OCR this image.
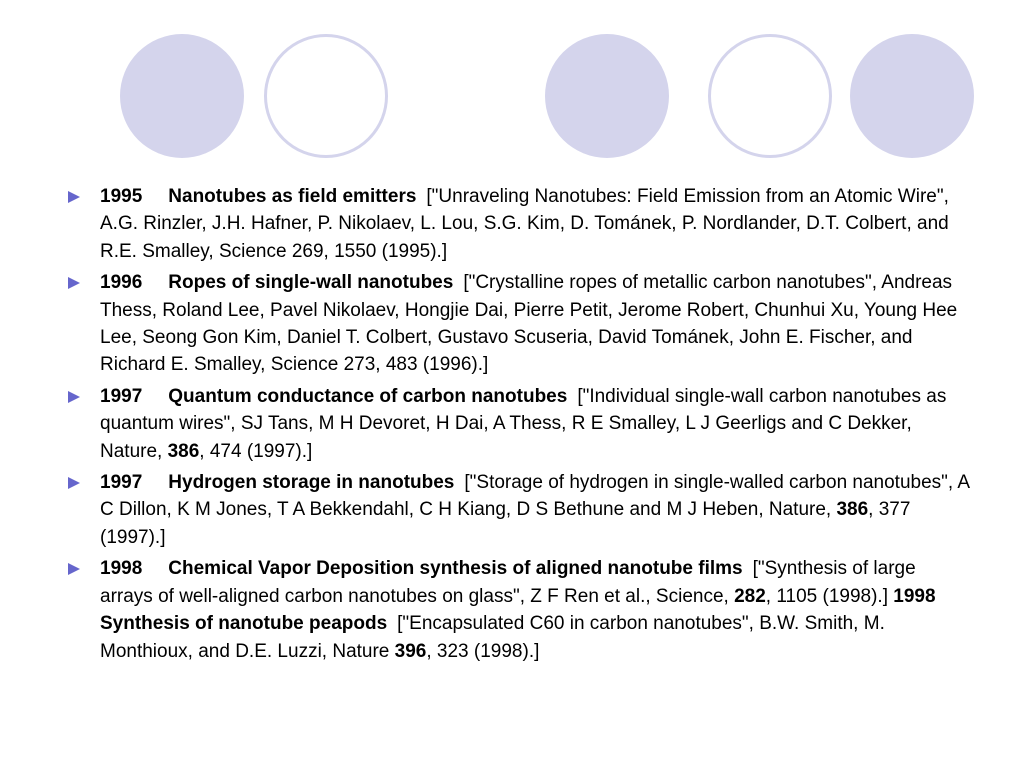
1995 Nanotubes as field emitters ["Unraveling Nanotubes: Field Emission from an Atomic Wire", A.G. Rinzler, J.H. Hafner, P. Nikolaev, L. Lou, S.G. Kim, D. Tománek, P. Nordlander, D.T. Colbert, and R.E. Smalley, Science 269, 1550 (1995).]
1996 Ropes of single-wall nanotubes ["Crystalline ropes of metallic carbon nanotubes", Andreas Thess, Roland Lee, Pavel Nikolaev, Hongjie Dai, Pierre Petit, Jerome Robert, Chunhui Xu, Young Hee Lee, Seong Gon Kim, Daniel T. Colbert, Gustavo Scuseria, David Tománek, John E. Fischer, and Richard E. Smalley, Science 273, 483 (1996).]
1997 Quantum conductance of carbon nanotubes ["Individual single-wall carbon nanotubes as quantum wires", SJ Tans, M H Devoret, H Dai, A Thess, R E Smalley, L J Geerligs and C Dekker, Nature, 386, 474 (1997).]
1997 Hydrogen storage in nanotubes ["Storage of hydrogen in single-walled carbon nanotubes", A C Dillon, K M Jones, T A Bekkendahl, C H Kiang, D S Bethune and M J Heben, Nature, 386, 377 (1997).]
1998 Chemical Vapor Deposition synthesis of aligned nanotube films ["Synthesis of large arrays of well-aligned carbon nanotubes on glass", Z F Ren et al., Science, 282, 1105 (1998).] 1998Synthesis of nanotube peapods ["Encapsulated C60 in carbon nanotubes", B.W. Smith, M. Monthioux, and D.E. Luzzi, Nature 396, 323 (1998).]
